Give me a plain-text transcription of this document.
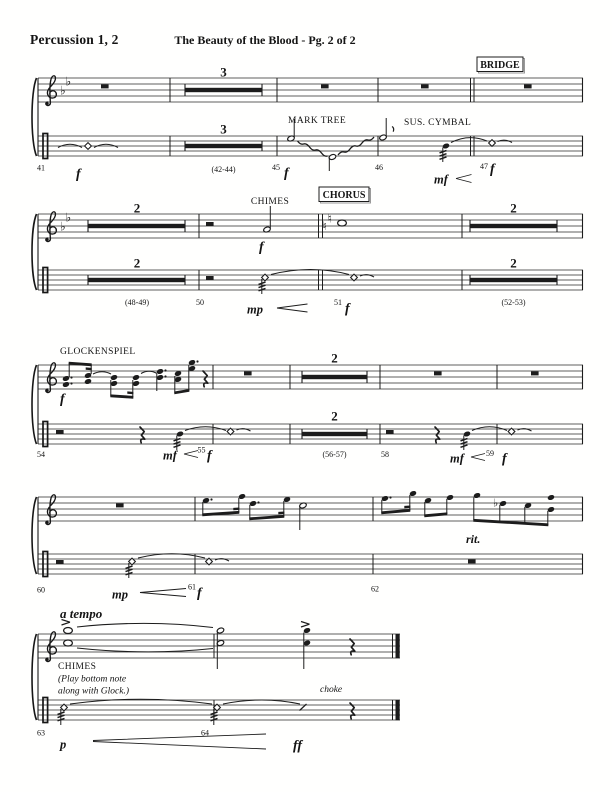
Percussion 1, 2	The Beauty of the Blood - Pg. 2 of 2
♭
♭
3
3
MARK TREE	SUS. CYMBAL
BRIDGE
f	f	mf
f
41	(42-44)	45	46	47
♭
♭
2
2
CHIMES
f
mp	f
CHORUS
♮
♮
2
2
(48-49)	50	51	(52-53)
GLOCKENSPIEL
f
mf f
2
2
mf	f
54	55	(56-57)	58	59
mp	f
♭
rit.
60	61	62
a tempo
CHIMES
(Play bottom note
along with Glock.)	choke
p	ff
63	64
